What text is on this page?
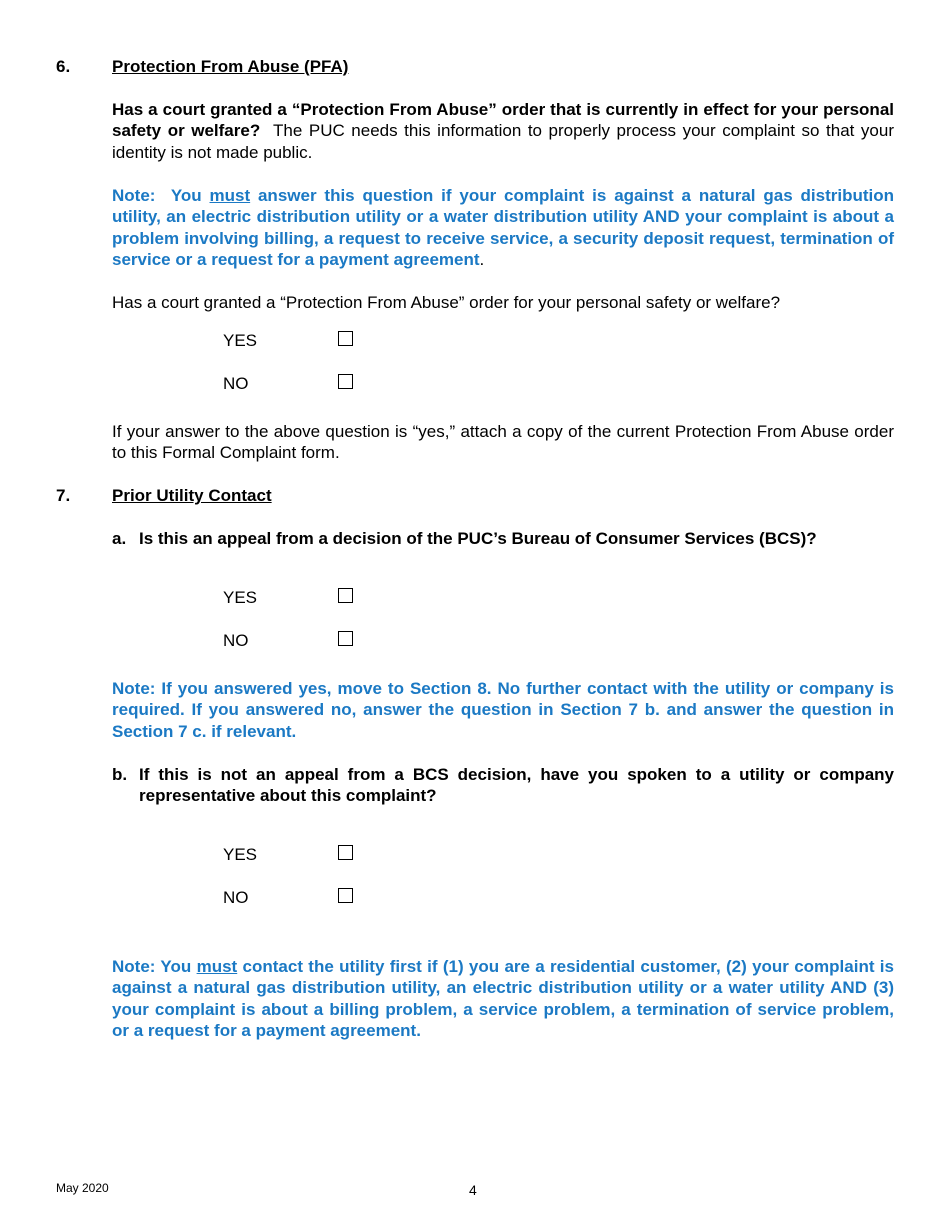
6. Protection From Abuse (PFA)
Has a court granted a “Protection From Abuse” order that is currently in effect for your personal safety or welfare? The PUC needs this information to properly process your complaint so that your identity is not made public.
Note:  You must answer this question if your complaint is against a natural gas distribution utility, an electric distribution utility or a water distribution utility AND your complaint is about a problem involving billing, a request to receive service, a security deposit request, termination of service or a request for a payment agreement.
Has a court granted a “Protection From Abuse” order for your personal safety or welfare?
YES
NO
If your answer to the above question is “yes,” attach a copy of the current Protection From Abuse order to this Formal Complaint form.
7. Prior Utility Contact
a. Is this an appeal from a decision of the PUC’s Bureau of Consumer Services (BCS)?
YES
NO
Note: If you answered yes, move to Section 8. No further contact with the utility or company is required. If you answered no, answer the question in Section 7 b. and answer the question in Section 7 c. if relevant.
b. If this is not an appeal from a BCS decision, have you spoken to a utility or company representative about this complaint?
YES
NO
Note: You must contact the utility first if (1) you are a residential customer, (2) your complaint is against a natural gas distribution utility, an electric distribution utility or a water utility AND (3) your complaint is about a billing problem, a service problem, a termination of service problem, or a request for a payment agreement.
May 2020	4
